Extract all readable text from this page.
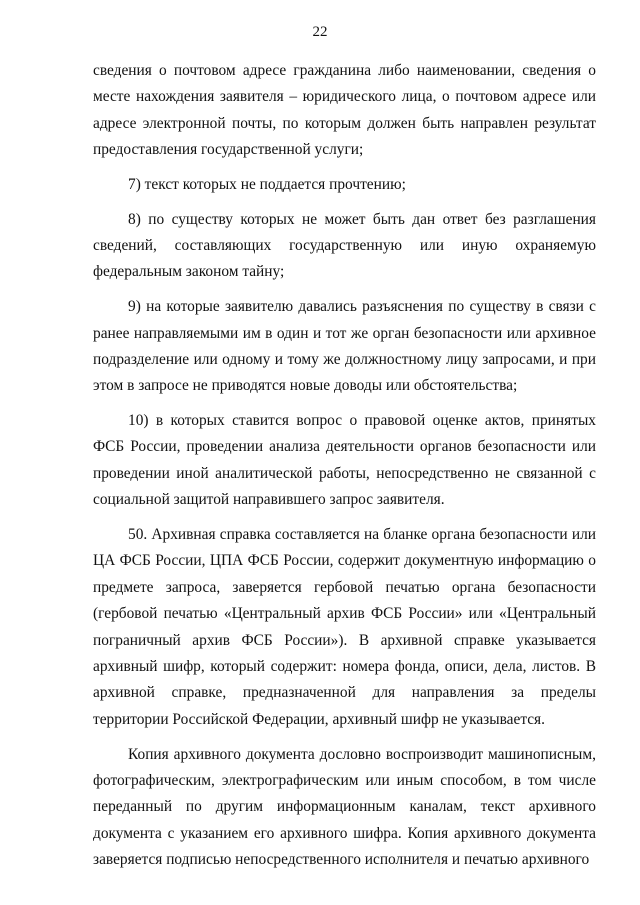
22

сведения о почтовом адресе гражданина либо наименовании, сведения о месте нахождения заявителя – юридического лица, о почтовом адресе или адресе электронной почты, по которым должен быть направлен результат предоставления государственной услуги;

7) текст которых не поддается прочтению;

8) по существу которых не может быть дан ответ без разглашения сведений, составляющих государственную или иную охраняемую федеральным законом тайну;

9) на которые заявителю давались разъяснения по существу в связи с ранее направляемыми им в один и тот же орган безопасности или архивное подразделение или одному и тому же должностному лицу запросами, и при этом в запросе не приводятся новые доводы или обстоятельства;

10) в которых ставится вопрос о правовой оценке актов, принятых ФСБ России, проведении анализа деятельности органов безопасности или проведении иной аналитической работы, непосредственно не связанной с социальной защитой направившего запрос заявителя.

50. Архивная справка составляется на бланке органа безопасности или ЦА ФСБ России, ЦПА ФСБ России, содержит документную информацию о предмете запроса, заверяется гербовой печатью органа безопасности (гербовой печатью «Центральный архив ФСБ России» или «Центральный пограничный архив ФСБ России»). В архивной справке указывается архивный шифр, который содержит: номера фонда, описи, дела, листов. В архивной справке, предназначенной для направления за пределы территории Российской Федерации, архивный шифр не указывается.

Копия архивного документа дословно воспроизводит машинописным, фотографическим, электрографическим или иным способом, в том числе переданный по другим информационным каналам, текст архивного документа с указанием его архивного шифра. Копия архивного документа заверяется подписью непосредственного исполнителя и печатью архивного
